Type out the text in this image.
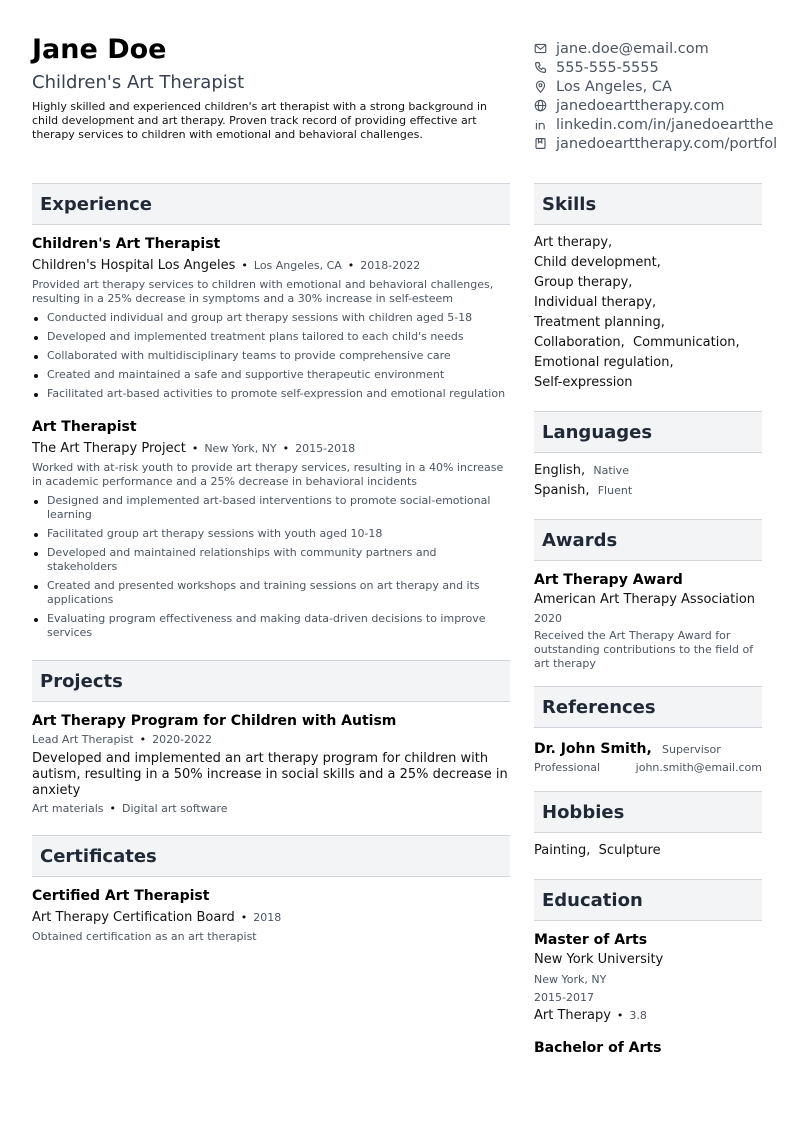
Jane Doe
Children's Art Therapist
Highly skilled and experienced children's art therapist with a strong background in child development and art therapy. Proven track record of providing effective art therapy services to children with emotional and behavioral challenges.
jane.doe@email.com
555-555-5555
Los Angeles, CA
janedoearttherapy.com
linkedin.com/in/janedoeartthe
janedoearttherapy.com/portfol
Experience
Children's Art Therapist
Children's Hospital Los Angeles • Los Angeles, CA • 2018-2022
Provided art therapy services to children with emotional and behavioral challenges, resulting in a 25% decrease in symptoms and a 30% increase in self-esteem
Conducted individual and group art therapy sessions with children aged 5-18
Developed and implemented treatment plans tailored to each child's needs
Collaborated with multidisciplinary teams to provide comprehensive care
Created and maintained a safe and supportive therapeutic environment
Facilitated art-based activities to promote self-expression and emotional regulation
Art Therapist
The Art Therapy Project • New York, NY • 2015-2018
Worked with at-risk youth to provide art therapy services, resulting in a 40% increase in academic performance and a 25% decrease in behavioral incidents
Designed and implemented art-based interventions to promote social-emotional learning
Facilitated group art therapy sessions with youth aged 10-18
Developed and maintained relationships with community partners and stakeholders
Created and presented workshops and training sessions on art therapy and its applications
Evaluating program effectiveness and making data-driven decisions to improve services
Projects
Art Therapy Program for Children with Autism
Lead Art Therapist • 2020-2022
Developed and implemented an art therapy program for children with autism, resulting in a 50% increase in social skills and a 25% decrease in anxiety
Art materials • Digital art software
Certificates
Certified Art Therapist
Art Therapy Certification Board • 2018
Obtained certification as an art therapist
Skills
Art therapy,
Child development,
Group therapy,
Individual therapy,
Treatment planning,
Collaboration, Communication,
Emotional regulation,
Self-expression
Languages
English, Native
Spanish, Fluent
Awards
Art Therapy Award
American Art Therapy Association
2020
Received the Art Therapy Award for outstanding contributions to the field of art therapy
References
Dr. John Smith,
Supervisor
Professional	john.smith@email.com
Hobbies
Painting, Sculpture
Education
Master of Arts
New York University
New York, NY
2015-2017
Art Therapy • 3.8
Bachelor of Arts
